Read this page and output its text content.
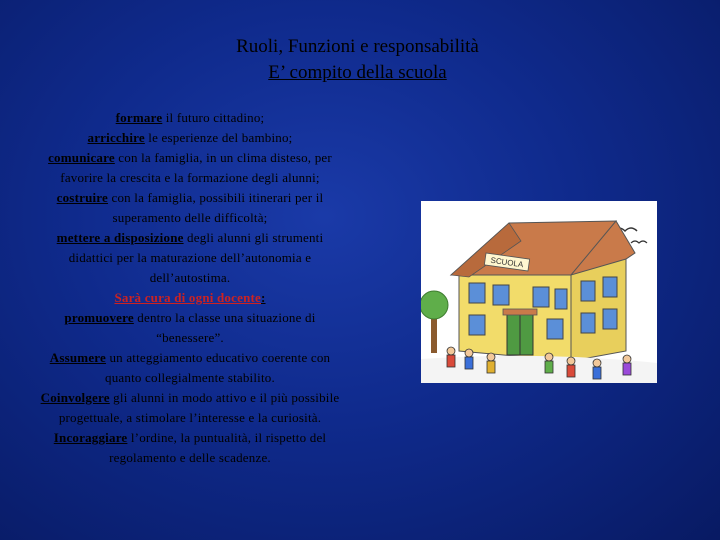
Ruoli, Funzioni e responsabilità
E’ compito della scuola

formare il futuro cittadino;

arricchire le esperienze del bambino;

comunicare con la famiglia, in un clima disteso, per favorire la crescita e la formazione degli alunni;

costruire con la famiglia, possibili itinerari per il superamento delle difficoltà;

mettere a disposizione degli alunni gli strumenti didattici per la maturazione dell’autonomia e dell’autostima.

Sarà cura di ogni docente:

promuovere dentro la classe una situazione di “benessere”.

Assumere un atteggiamento educativo coerente con quanto collegialmente stabilito.

Coinvolgere gli alunni in modo attivo e il più possibile progettuale, a stimolare l’interesse e la curiosità.

Incoraggiare l’ordine, la puntualità, il rispetto del regolamento e delle scadenze.

SCUOLA
